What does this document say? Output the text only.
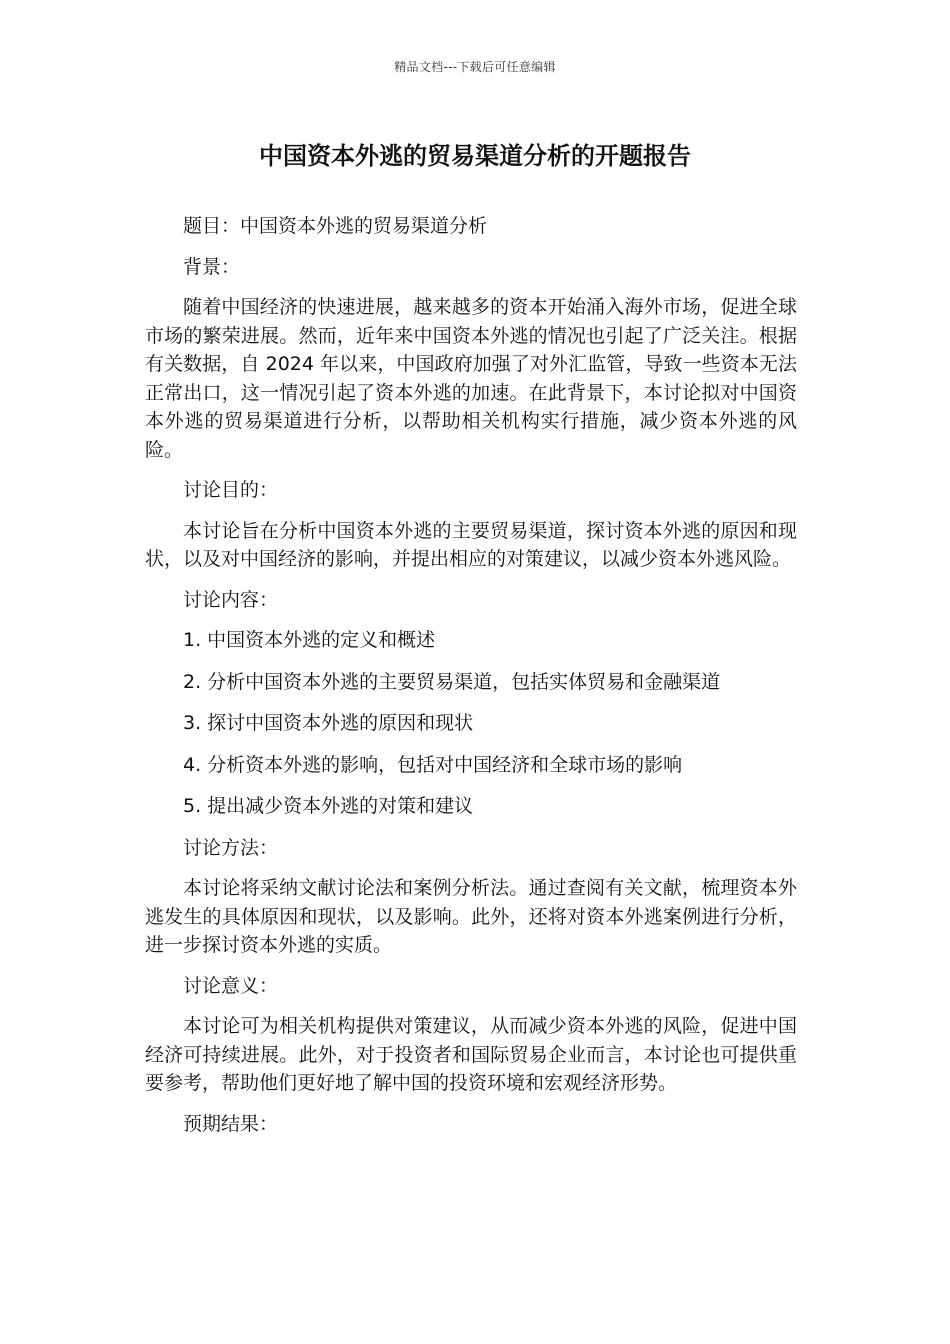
精品文档---下载后可任意编辑
中国资本外逃的贸易渠道分析的开题报告

题目：中国资本外逃的贸易渠道分析

背景：

随着中国经济的快速进展，越来越多的资本开始涌入海外市场，促进全球市场的繁荣进展。然而，近年来中国资本外逃的情况也引起了广泛关注。根据有关数据，自 2024 年以来，中国政府加强了对外汇监管，导致一些资本无法正常出口，这一情况引起了资本外逃的加速。在此背景下，本讨论拟对中国资本外逃的贸易渠道进行分析，以帮助相关机构实行措施，减少资本外逃的风险。

讨论目的：

本讨论旨在分析中国资本外逃的主要贸易渠道，探讨资本外逃的原因和现状，以及对中国经济的影响，并提出相应的对策建议，以减少资本外逃风险。

讨论内容：

1. 中国资本外逃的定义和概述

2. 分析中国资本外逃的主要贸易渠道，包括实体贸易和金融渠道

3. 探讨中国资本外逃的原因和现状

4. 分析资本外逃的影响，包括对中国经济和全球市场的影响

5. 提出减少资本外逃的对策和建议

讨论方法：

本讨论将采纳文献讨论法和案例分析法。通过查阅有关文献，梳理资本外逃发生的具体原因和现状，以及影响。此外，还将对资本外逃案例进行分析，进一步探讨资本外逃的实质。

讨论意义：

本讨论可为相关机构提供对策建议，从而减少资本外逃的风险，促进中国经济可持续进展。此外，对于投资者和国际贸易企业而言，本讨论也可提供重要参考，帮助他们更好地了解中国的投资环境和宏观经济形势。

预期结果：
